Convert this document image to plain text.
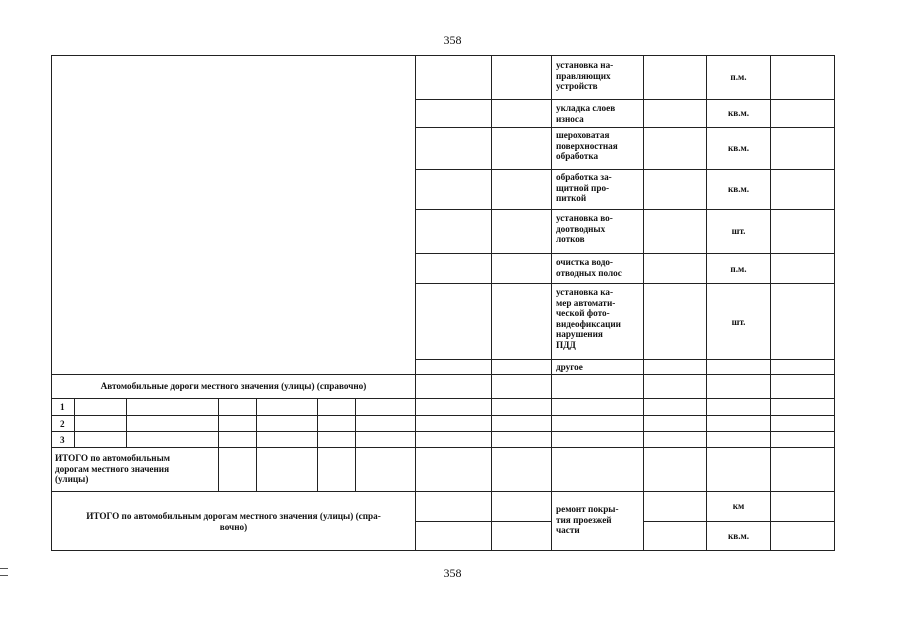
358
358
установка на-
правляющих
устройств
п.м.
укладка слоев
износа
кв.м.
шероховатая
поверхностная
обработка
кв.м.
обработка за-
щитной про-
питкой
кв.м.
установка во-
доотводных
лотков
шт.
очистка водо-
отводных полос	п.м.
установка ка-
мер автомати-
ческой фото-
видеофиксации
нарушения
ПДД
шт.
другое
Автомобильные дороги местного значения (улицы) (справочно)
1
2
3
ИТОГО по автомобильным
дорогам местного значения
(улицы)
ИТОГО по автомобильным дорогам местного значения (улицы) (спра-
вочно)
ремонт покры-
тия проезжей
части
км
кв.м.
